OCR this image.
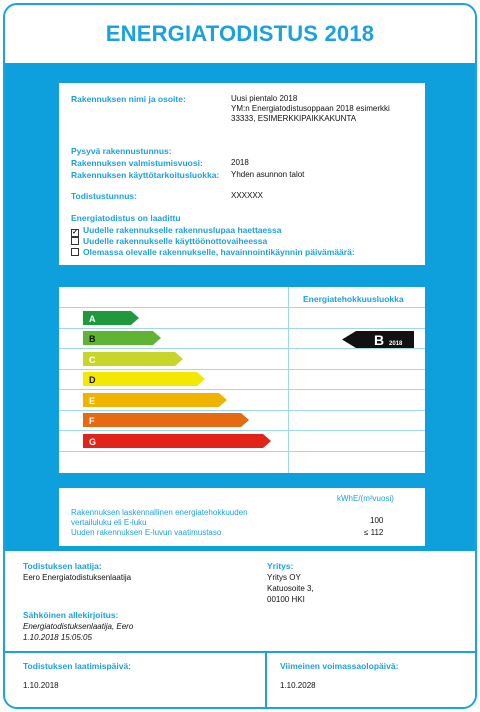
ENERGIATODISTUS 2018
Rakennuksen nimi ja osoite:	Uusi pientalo 2018
YM:n Energiatodistusoppaan 2018 esimerkki
33333, ESIMERKKIPAIKKAKUNTA
Pysyvä rakennustunnus:
Rakennuksen valmistumisvuosi:	2018
Rakennuksen käyttötarkoitusluokka: Yhden asunnon talot
Todistustunnus:	XXXXXX
Energiatodistus on laadittu
✓ Uudelle rakennukselle rakennuslupaa haettaessa
Uudelle rakennukselle käyttöönottovaiheessa
Olemassa olevalle rakennukselle, havainnointikäynnin päivämäärä:
Energiatehokkuusluokka
A
B
C
D
E
F
G
B 2018
kWhE/(m²vuosi)
Rakennuksen laskennallinen energiatehokkuuden vertailuluku eli E-luku	100
Uuden rakennuksen E-luvun vaatimustaso	≤ 112
Todistuksen laatija:
Eero Energiatodistuksenlaatija
Yritys:
Yritys OY
Katuosoite 3,
00100 HKI
Sähköinen allekirjoitus:
Energiatodistuksenlaatija, Eero
1.10.2018 15:05:05
Todistuksen laatimispäivä:
1.10.2018
Viimeinen voimassaolopäivä:
1.10.2028
